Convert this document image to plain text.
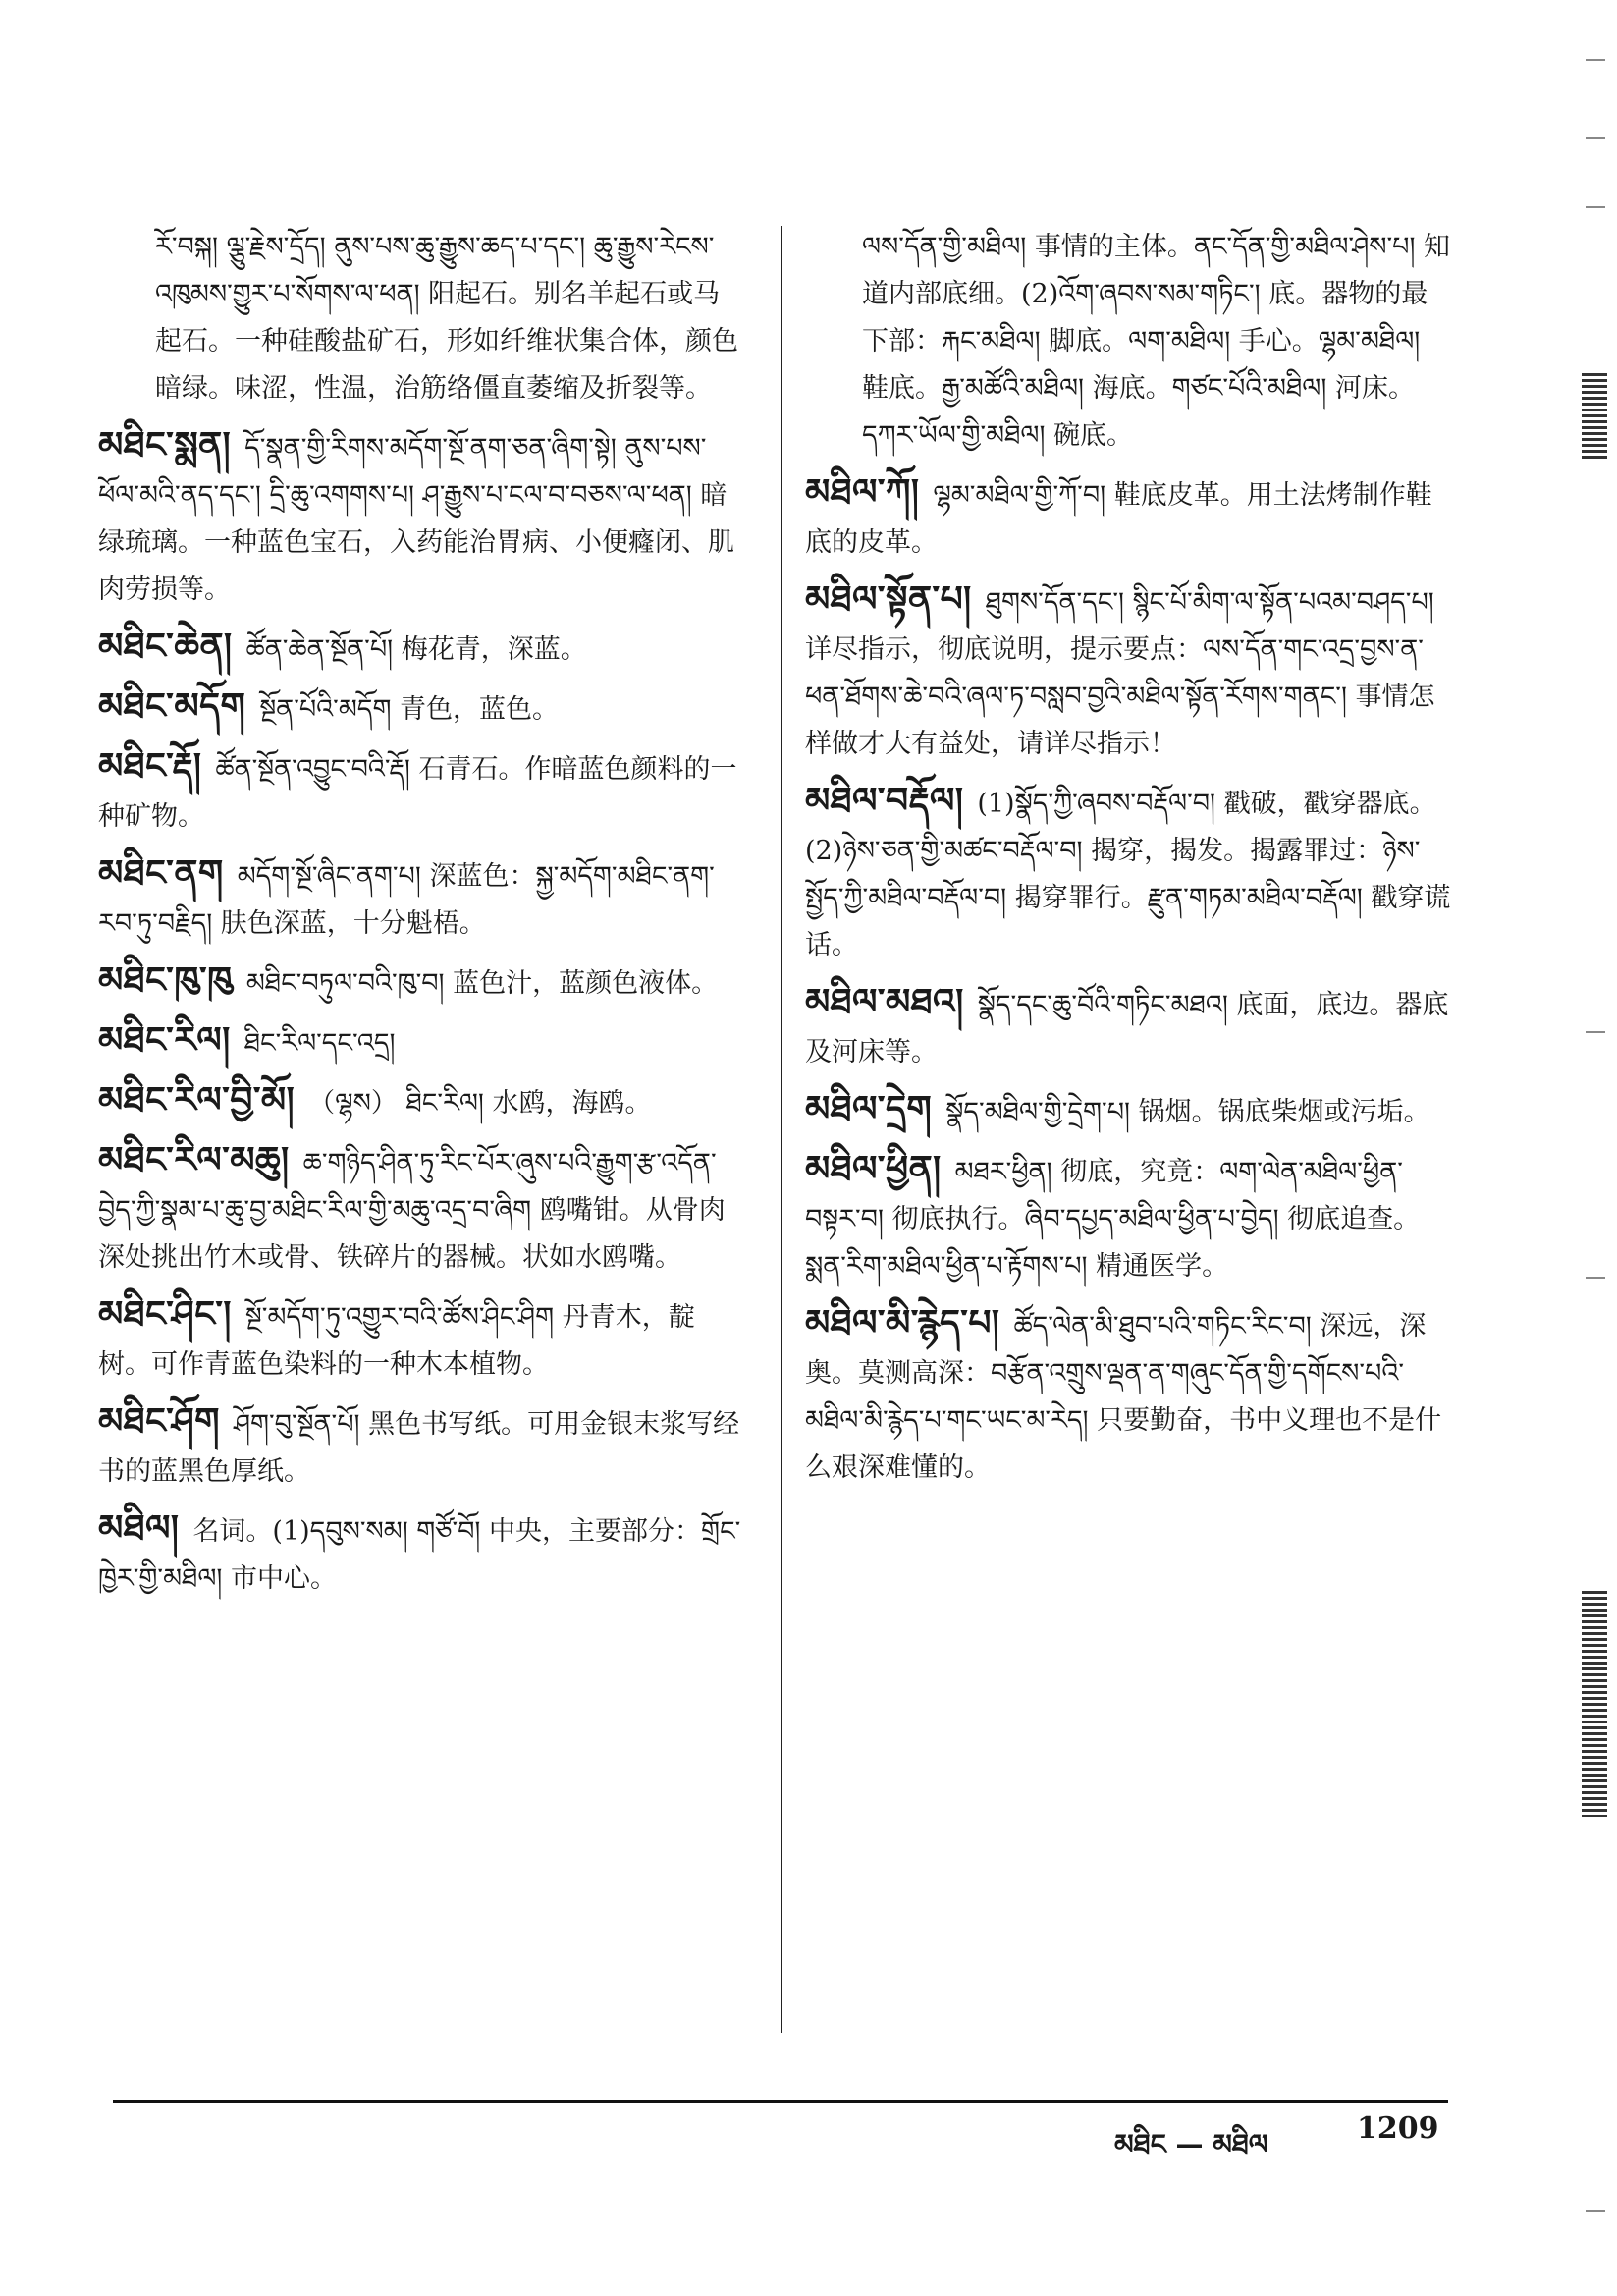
རོ་བསྐ། ལྕུ་རྗེས་དྲོད། ནུས་པས་ཆུ་རྒྱུས་ཆད་པ་དང་། ཆུ་རྒྱུས་རེངས་འཁུམས་གྱུར་པ་སོགས་ལ་ཕན། 阳起石。别名羊起石或马起石。一种硅酸盐矿石，形如纤维状集合体，颜色暗绿。味涩，性温，治筋络僵直萎缩及折裂等。
མཐིང་སྨན། དོ་སྣན་གྱི་རིགས་མདོག་སྔོ་ནག་ཅན་ཞིག་སྟེ། ནུས་པས་ཕོལ་མའི་ནད་དང་། དྲི་ཆུ་འགགས་པ། ཤ་རྒྱུས་པ་ངལ་བ་བཅས་ལ་ཕན། 暗绿琉璃。一种蓝色宝石，入药能治胃病、小便癃闭、肌肉劳损等。
མཐིང་ཆེན། ཚོན་ཆེན་སྔོན་པོ། 梅花青，深蓝。
མཐིང་མདོག སྔོན་པོའི་མདོག 青色，蓝色。
མཐིང་རྡོ། ཚོན་སྔོན་འབྱུང་བའི་རྡོ། 石青石。作暗蓝色颜料的一种矿物。
མཐིང་ནག མདོག་སྔོ་ཞིང་ནག་པ། 深蓝色：སྐྱ་མདོག་མཐིང་ནག་རབ་ཏུ་བརྗིད། 肤色深蓝，十分魁梧。
མཐིང་ཁུ་ཁུ མཐིང་བཏུལ་བའི་ཁུ་བ། 蓝色汁，蓝颜色液体。
མཐིང་རིལ། ཐིང་རིལ་དང་འདྲ།
མཐིང་རིལ་བྱི་མོ། （ལྷས） ཐིང་རིལ། 水鸥，海鸥。
མཐིང་རིལ་མཆུ། ཆ་གཉིད་ཤིན་ཏུ་རིང་པོར་ཞུས་པའི་རྒྱུག་རྩ་འདོན་བྱེད་ཀྱི་སྣམ་པ་ཆུ་བྱ་མཐིང་རིལ་གྱི་མཆུ་འདྲ་བ་ཞིག 鸥嘴钳。从骨肉深处挑出竹木或骨、铁碎片的器械。状如水鸥嘴。
མཐིང་ཤིང་། སྔོ་མདོག་ཏུ་འགྱུར་བའི་ཚོས་ཤིང་ཤིག 丹青木，靛树。可作青蓝色染料的一种木本植物。
མཐིང་ཤོག ཤོག་བུ་སྔོན་པོ། 黑色书写纸。可用金银末浆写经书的蓝黑色厚纸。
མཐིལ། 名词。(1)དབུས་སམ། གཙོ་བོ། 中央，主要部分：གྲོང་ཁྱེར་གྱི་མཐིལ། 市中心。
ལས་དོན་གྱི་མཐིལ། 事情的主体。ནང་དོན་གྱི་མཐིལ་ཤེས་པ། 知道内部底细。(2)འོག་ཞབས་སམ་གཏིང་། 底。器物的最下部：རྐང་མཐིལ། 脚底。ལག་མཐིལ། 手心。ལྷམ་མཐིལ། 鞋底。རྒྱ་མཚོའི་མཐིལ། 海底。གཙང་པོའི་མཐིལ། 河床。དཀར་ཡོལ་གྱི་མཐིལ། 碗底。
མཐིལ་ཀོ། ལྷམ་མཐིལ་གྱི་ཀོ་བ། 鞋底皮革。用土法烤制作鞋底的皮革。
མཐིལ་སྟོན་པ། ཐུགས་དོན་དང་། སྙིང་པོ་མིག་ལ་སྟོན་པའམ་བཤད་པ། 详尽指示，彻底说明，提示要点：ལས་དོན་གང་འདྲ་བྱས་ན་ཕན་ཐོགས་ཆེ་བའི་ཞལ་ཏ་བསླབ་བྱའི་མཐིལ་སྟོན་རོགས་གནང་། 事情怎样做才大有益处，请详尽指示！
མཐིལ་བརྡོལ། (1)སྣོད་ཀྱི་ཞབས་བརྡོལ་བ། 戳破，戳穿器底。(2)ཉེས་ཅན་གྱི་མཚང་བརྡོལ་བ། 揭穿，揭发。揭露罪过：ཉེས་སྤྱོད་ཀྱི་མཐིལ་བརྡོལ་བ། 揭穿罪行。རྫུན་གཏམ་མཐིལ་བརྡོལ། 戳穿谎话。
མཐིལ་མཐའ། སྣོད་དང་ཆུ་བོའི་གཏིང་མཐའ། 底面，底边。器底及河床等。
མཐིལ་དྲེག སྣོད་མཐིལ་གྱི་དྲེག་པ། 锅烟。锅底柴烟或污垢。
མཐིལ་ཕྱིན། མཐར་ཕྱིན། 彻底，究竟：ལག་ལེན་མཐིལ་ཕྱིན་བསྟར་བ། 彻底执行。ཞིབ་དཔྱད་མཐིལ་ཕྱིན་པ་བྱེད། 彻底追查。སྨན་རིག་མཐིལ་ཕྱིན་པ་རྟོགས་པ། 精通医学。
མཐིལ་མི་རྙེད་པ། ཚོད་ལེན་མི་ཐུབ་པའི་གཏིང་རིང་བ། 深远，深奥。莫测高深：བརྩོན་འགྲུས་ལྡན་ན་གཞུང་དོན་གྱི་དགོངས་པའི་མཐིལ་མི་རྙེད་པ་གང་ཡང་མ་རེད། 只要勤奋，书中义理也不是什么艰深难懂的。
མཐིང — མཐིལ	1209
